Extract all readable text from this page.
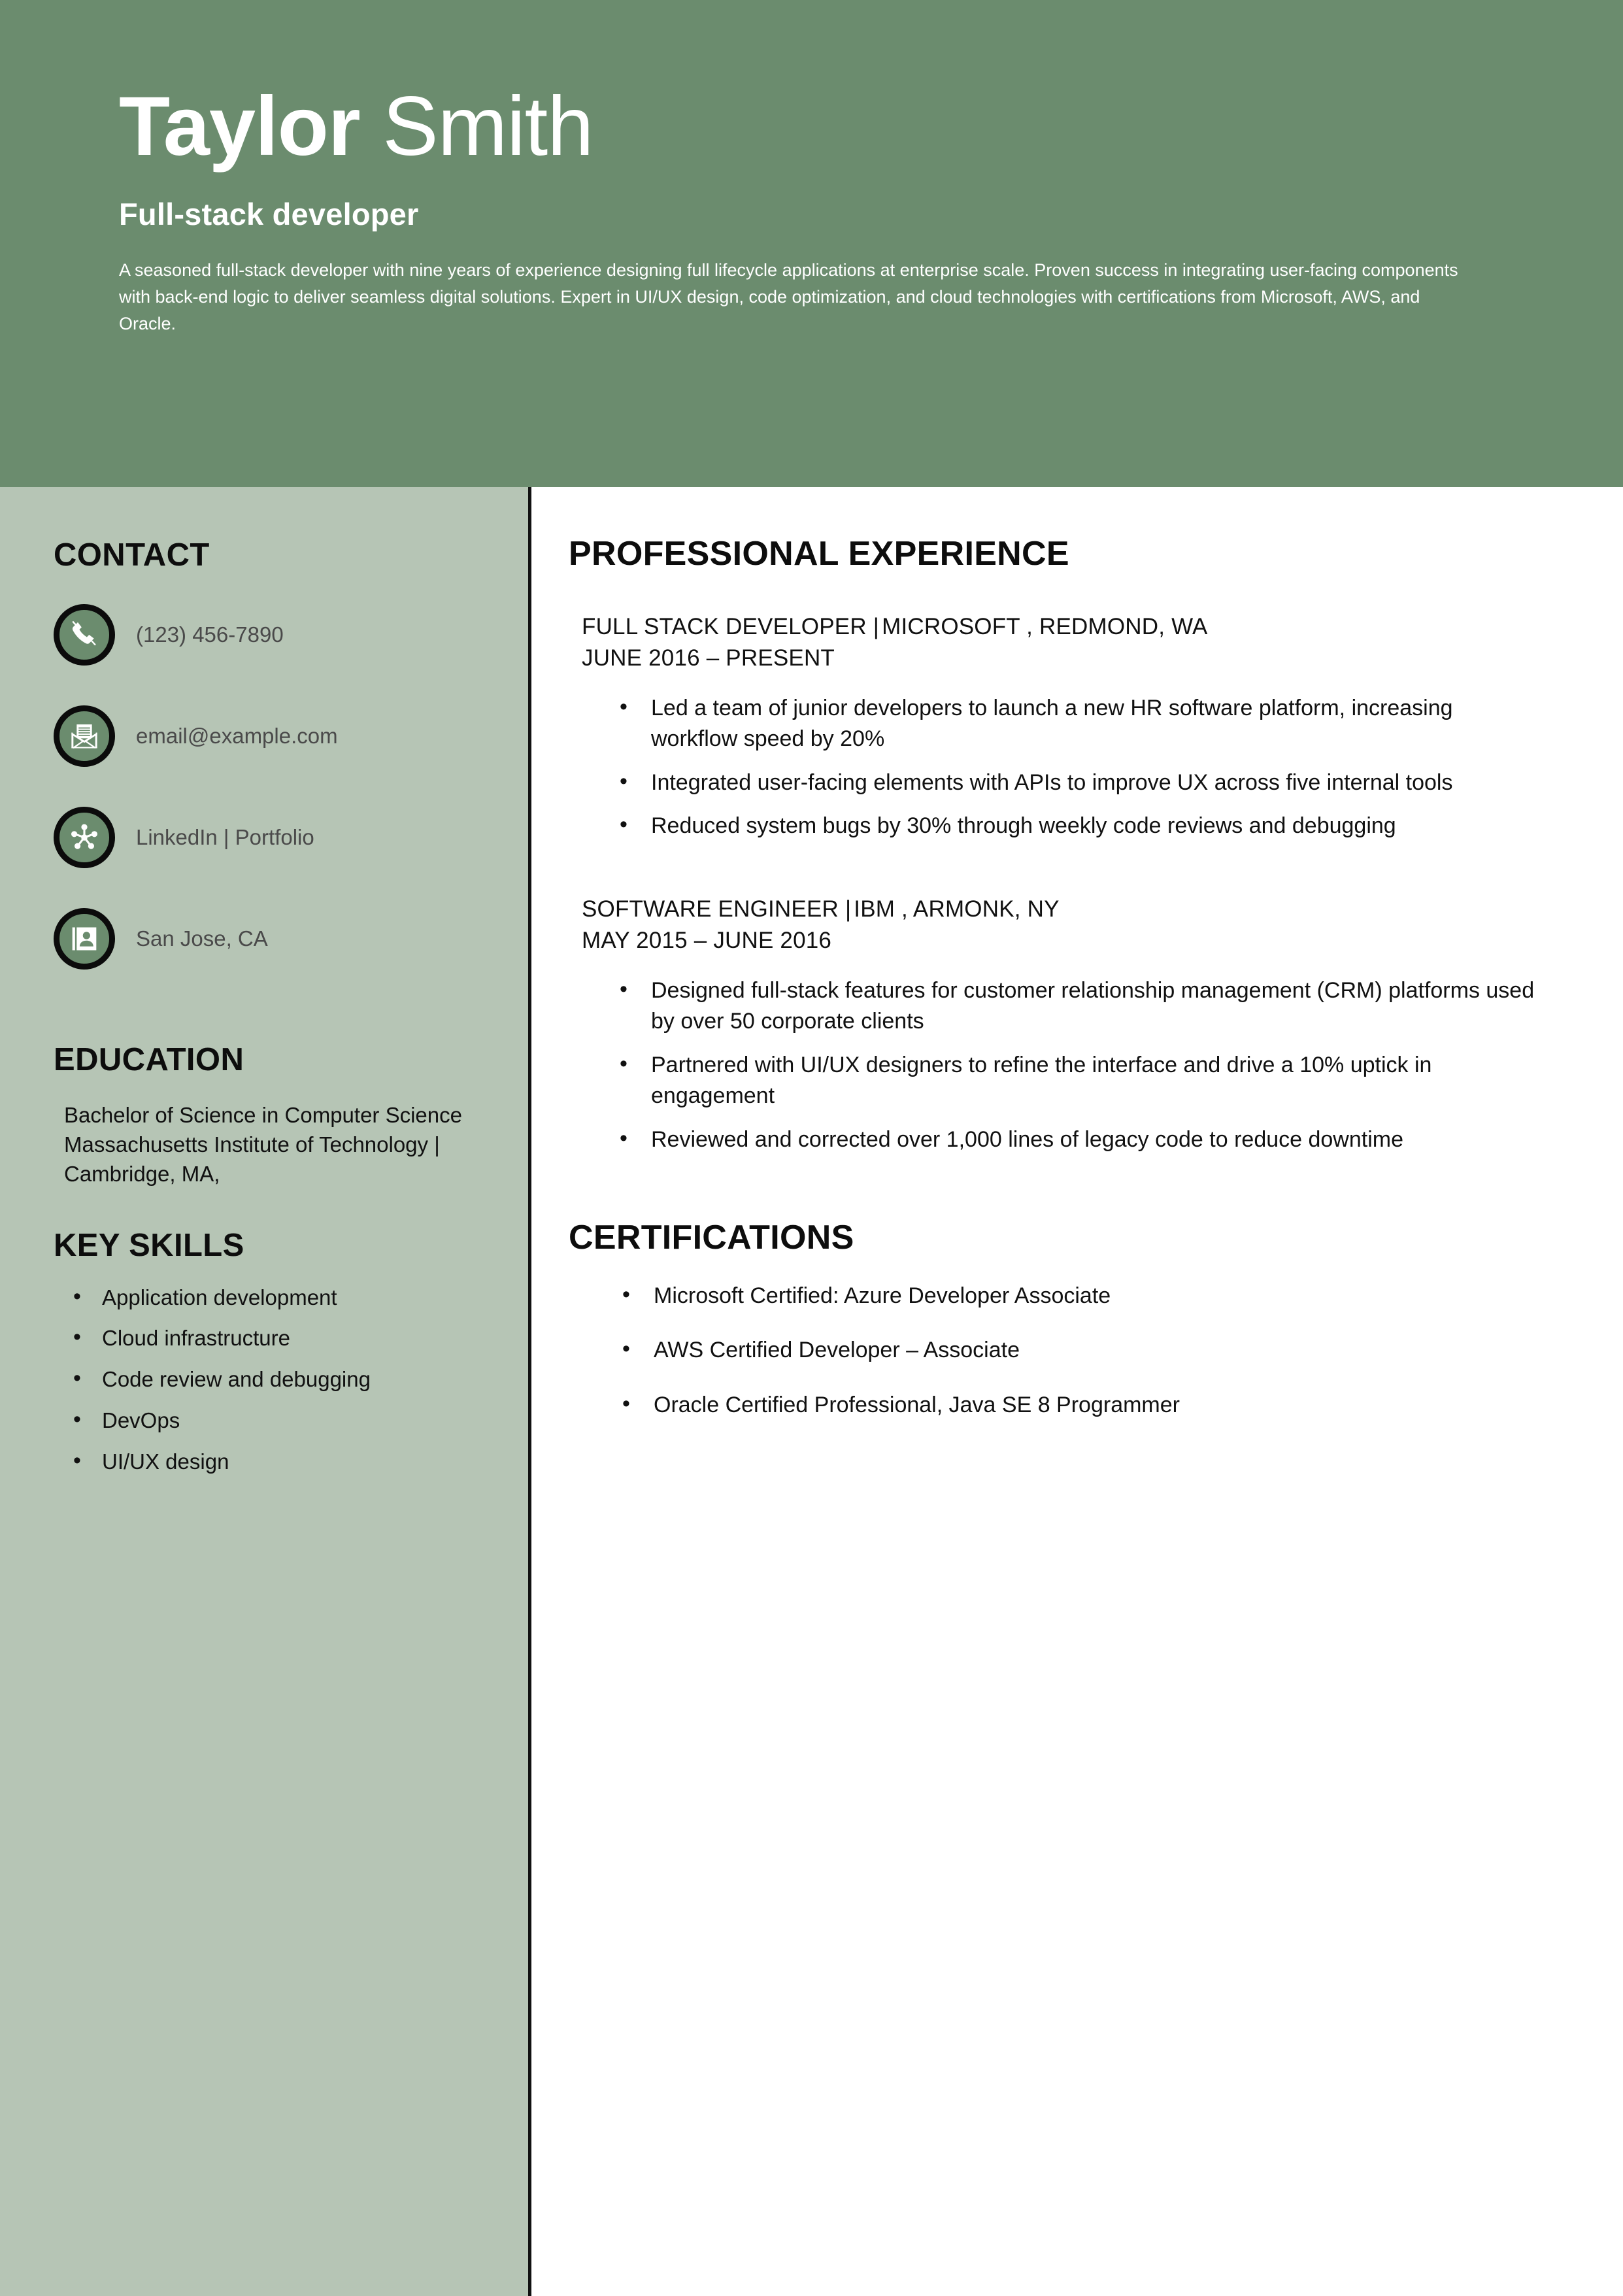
Taylor Smith
Full-stack developer

A seasoned full-stack developer with nine years of experience designing full lifecycle applications at enterprise scale. Proven success in integrating user-facing components with back-end logic to deliver seamless digital solutions. Expert in UI/UX design, code optimization, and cloud technologies with certifications from Microsoft, AWS, and Oracle.

CONTACT
(123) 456-7890
email@example.com
LinkedIn | Portfolio
San Jose, CA
EDUCATION
Bachelor of Science in Computer Science
Massachusetts Institute of Technology | Cambridge, MA,
KEY SKILLS
• Application development
• Cloud infrastructure
• Code review and debugging
• DevOps
• UI/UX design
PROFESSIONAL EXPERIENCE
FULL STACK DEVELOPER | MICROSOFT , REDMOND, WA
JUNE 2016 – PRESENT
• Led a team of junior developers to launch a new HR software platform, increasing workflow speed by 20%
• Integrated user-facing elements with APIs to improve UX across five internal tools
• Reduced system bugs by 30% through weekly code reviews and debugging
SOFTWARE ENGINEER | IBM , ARMONK, NY
MAY 2015 – JUNE 2016
• Designed full-stack features for customer relationship management (CRM) platforms used by over 50 corporate clients
• Partnered with UI/UX designers to refine the interface and drive a 10% uptick in engagement
• Reviewed and corrected over 1,000 lines of legacy code to reduce downtime
CERTIFICATIONS
• Microsoft Certified: Azure Developer Associate
• AWS Certified Developer – Associate
• Oracle Certified Professional, Java SE 8 Programmer
